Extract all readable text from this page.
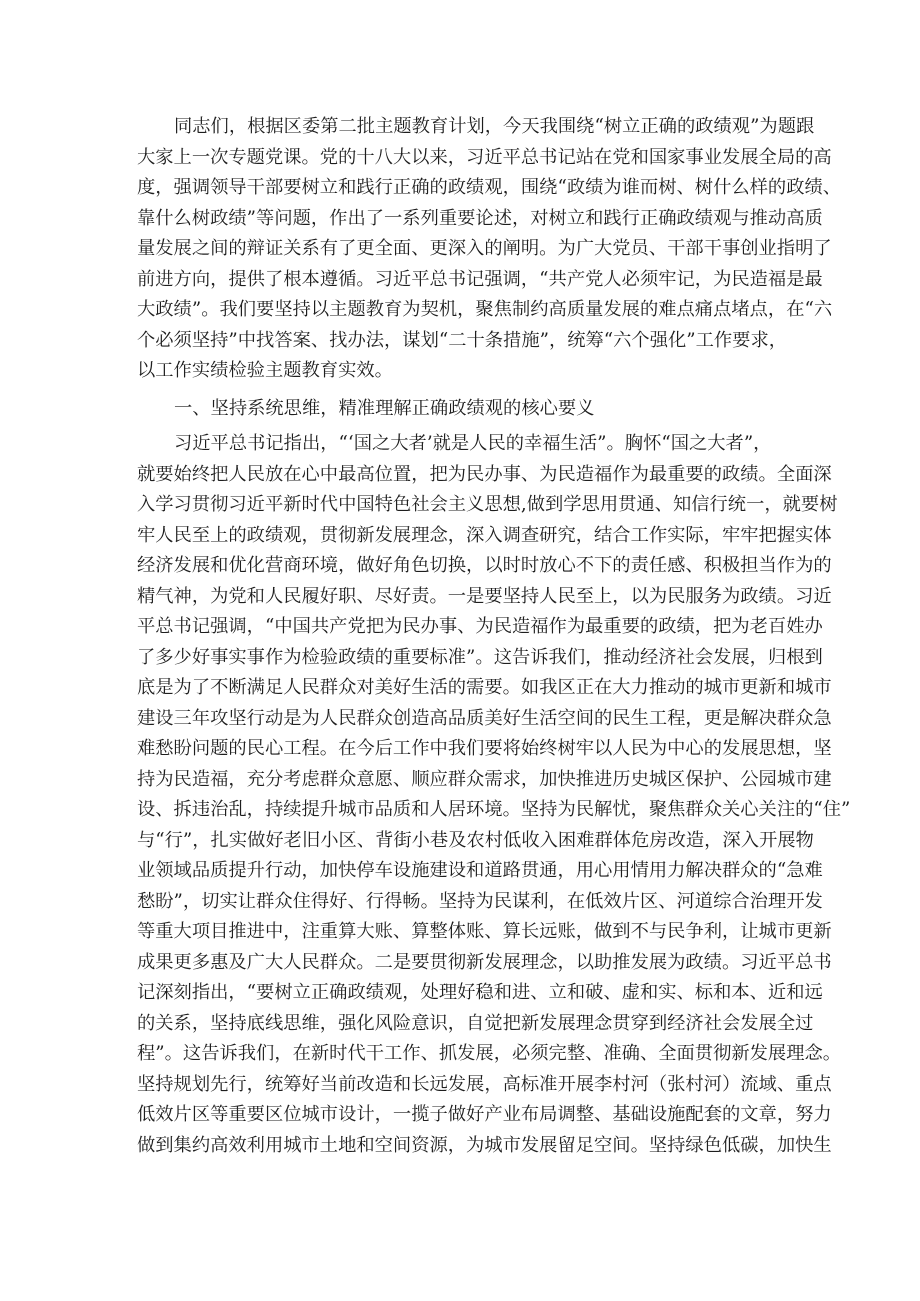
同志们，根据区委第二批主题教育计划，今天我围绕“树立正确的政绩观”为题跟
大家上一次专题党课。党的十八大以来，习近平总书记站在党和国家事业发展全局的高
度，强调领导干部要树立和践行正确的政绩观，围绕“政绩为谁而树、树什么样的政绩、
靠什么树政绩”等问题，作出了一系列重要论述，对树立和践行正确政绩观与推动高质
量发展之间的辩证关系有了更全面、更深入的阐明。为广大党员、干部干事创业指明了
前进方向，提供了根本遵循。习近平总书记强调，“共产党人必须牢记，为民造福是最
大政绩”。我们要坚持以主题教育为契机，聚焦制约高质量发展的难点痛点堵点，在“六
个必须坚持”中找答案、找办法，谋划“二十条措施”，统筹“六个强化”工作要求，
以工作实绩检验主题教育实效。
一、坚持系统思维，精准理解正确政绩观的核心要义
习近平总书记指出，“‘国之大者’就是人民的幸福生活”。胸怀“国之大者”，
就要始终把人民放在心中最高位置，把为民办事、为民造福作为最重要的政绩。全面深
入学习贯彻习近平新时代中国特色社会主义思想,做到学思用贯通、知信行统一，就要树
牢人民至上的政绩观，贯彻新发展理念，深入调查研究，结合工作实际，牢牢把握实体
经济发展和优化营商环境，做好角色切换，以时时放心不下的责任感、积极担当作为的
精气神，为党和人民履好职、尽好责。一是要坚持人民至上，以为民服务为政绩。习近
平总书记强调，“中国共产党把为民办事、为民造福作为最重要的政绩，把为老百姓办
了多少好事实事作为检验政绩的重要标准”。这告诉我们，推动经济社会发展，归根到
底是为了不断满足人民群众对美好生活的需要。如我区正在大力推动的城市更新和城市
建设三年攻坚行动是为人民群众创造高品质美好生活空间的民生工程，更是解决群众急
难愁盼问题的民心工程。在今后工作中我们要将始终树牢以人民为中心的发展思想，坚
持为民造福，充分考虑群众意愿、顺应群众需求，加快推进历史城区保护、公园城市建
设、拆违治乱，持续提升城市品质和人居环境。坚持为民解忧，聚焦群众关心关注的“住”
与“行”，扎实做好老旧小区、背街小巷及农村低收入困难群体危房改造，深入开展物
业领域品质提升行动，加快停车设施建设和道路贯通，用心用情用力解决群众的“急难
愁盼”，切实让群众住得好、行得畅。坚持为民谋利，在低效片区、河道综合治理开发
等重大项目推进中，注重算大账、算整体账、算长远账，做到不与民争利，让城市更新
成果更多惠及广大人民群众。二是要贯彻新发展理念，以助推发展为政绩。习近平总书
记深刻指出，“要树立正确政绩观，处理好稳和进、立和破、虚和实、标和本、近和远
的关系，坚持底线思维，强化风险意识，自觉把新发展理念贯穿到经济社会发展全过
程”。这告诉我们，在新时代干工作、抓发展，必须完整、准确、全面贯彻新发展理念。
坚持规划先行，统筹好当前改造和长远发展，高标准开展李村河（张村河）流域、重点
低效片区等重要区位城市设计，一揽子做好产业布局调整、基础设施配套的文章，努力
做到集约高效利用城市土地和空间资源，为城市发展留足空间。坚持绿色低碳，加快生
